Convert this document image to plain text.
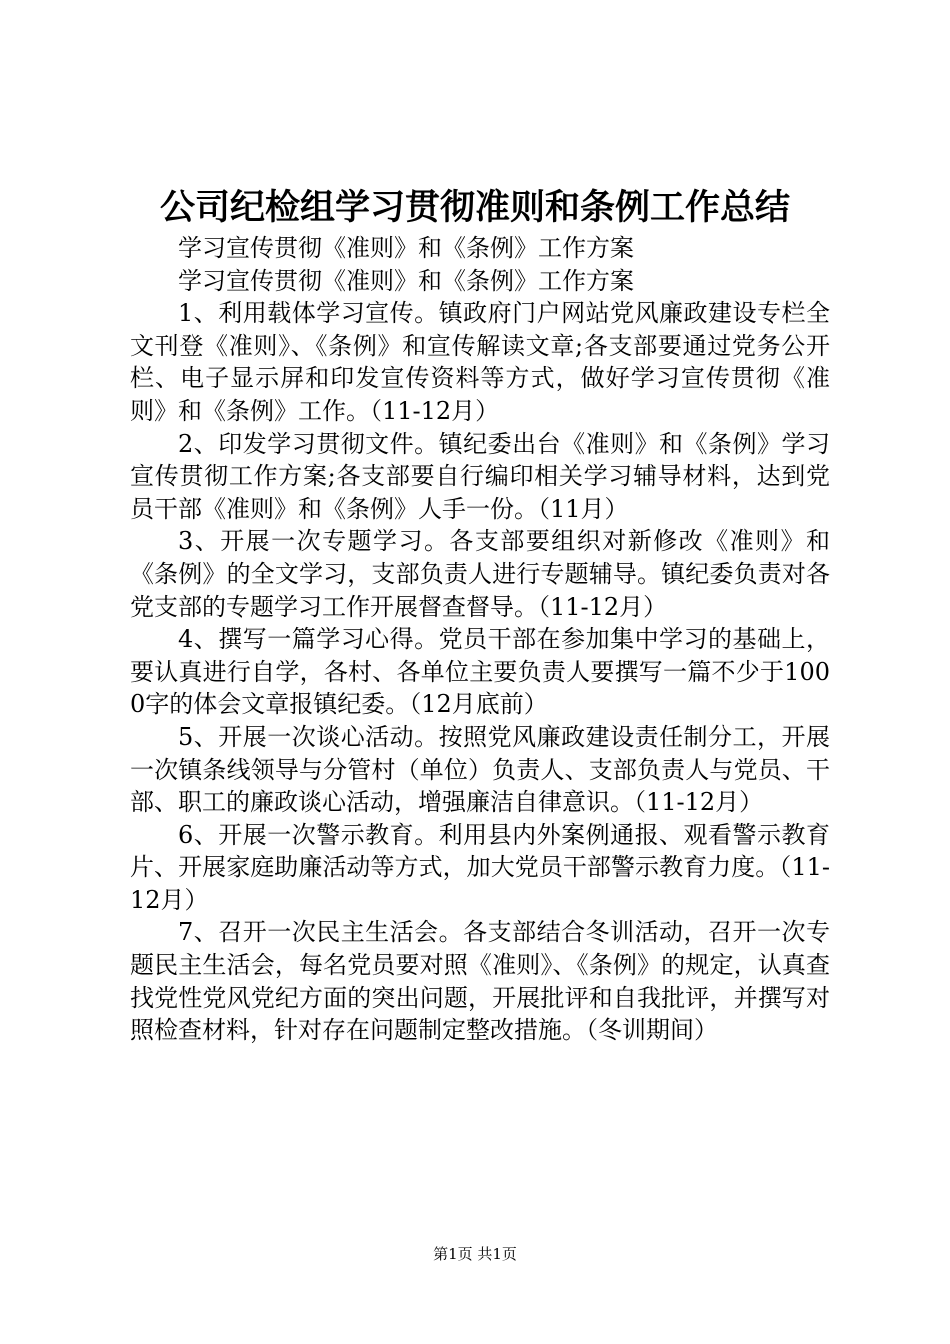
公司纪检组学习贯彻准则和条例工作总结

学习宣传贯彻《准则》和《条例》工作方案

学习宣传贯彻《准则》和《条例》工作方案

1、利用载体学习宣传。镇政府门户网站党风廉政建设专栏全文刊登《准则》、《条例》和宣传解读文章;各支部要通过党务公开栏、电子显示屏和印发宣传资料等方式，做好学习宣传贯彻《准则》和《条例》工作。（11-12月）

2、印发学习贯彻文件。镇纪委出台《准则》和《条例》学习宣传贯彻工作方案;各支部要自行编印相关学习辅导材料，达到党员干部《准则》和《条例》人手一份。（11月）

3、开展一次专题学习。各支部要组织对新修改《准则》和《条例》的全文学习，支部负责人进行专题辅导。镇纪委负责对各党支部的专题学习工作开展督查督导。（11-12月）

4、撰写一篇学习心得。党员干部在参加集中学习的基础上，要认真进行自学，各村、各单位主要负责人要撰写一篇不少于1000字的体会文章报镇纪委。（12月底前）

5、开展一次谈心活动。按照党风廉政建设责任制分工，开展一次镇条线领导与分管村（单位）负责人、支部负责人与党员、干部、职工的廉政谈心活动，增强廉洁自律意识。（11-12月）

6、开展一次警示教育。利用县内外案例通报、观看警示教育片、开展家庭助廉活动等方式，加大党员干部警示教育力度。（11-12月）

7、召开一次民主生活会。各支部结合冬训活动，召开一次专题民主生活会，每名党员要对照《准则》、《条例》的规定，认真查找党性党风党纪方面的突出问题，开展批评和自我批评，并撰写对照检查材料，针对存在问题制定整改措施。（冬训期间）

第1页 共1页
